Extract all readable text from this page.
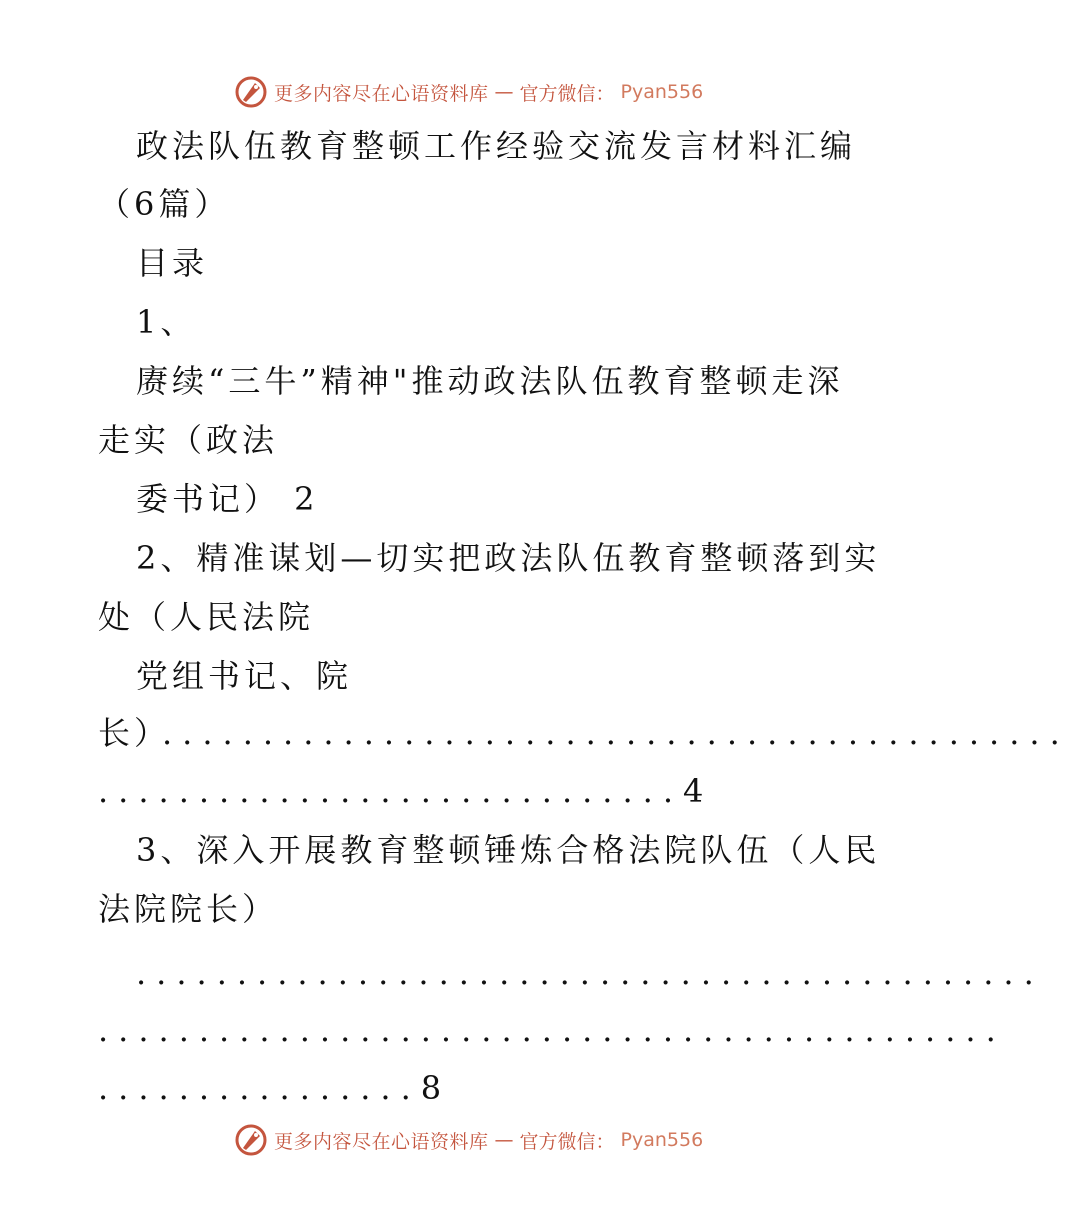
更多内容尽在心语资料库 — 官方微信： Pyan556
政法队伍教育整顿工作经验交流发言材料汇编
（6篇）
目录
1、
赓续“三牛”精神"推动政法队伍教育整顿走深
走实（政法
委书记） 2
2、精准谋划—切实把政法队伍教育整顿落到实
处（人民法院
党组书记、院
长）
.............................................
.............................4
3、深入开展教育整顿锤炼合格法院队伍（人民
法院院长）
.............................................
.............................................
................8
更多内容尽在心语资料库 — 官方微信： Pyan556
